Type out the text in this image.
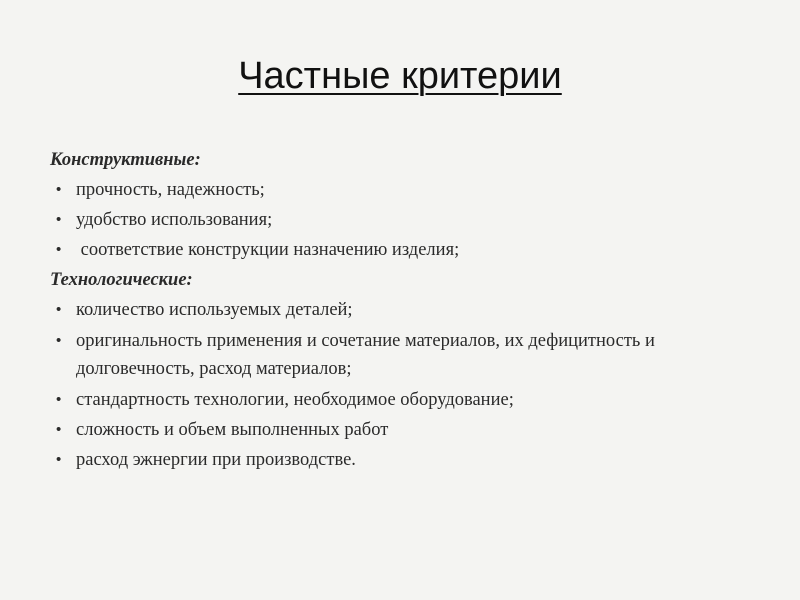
Частные критерии
Конструктивные:
• прочность, надежность;
• удобство использования;
• соответствие конструкции назначению изделия;
Технологические:
• количество используемых деталей;
• оригинальность применения и сочетание материалов, их дефицитность и долговечность, расход материалов;
• стандартность технологии, необходимое оборудование;
• сложность и объем выполненных работ
• расход эжнергии при производстве.
